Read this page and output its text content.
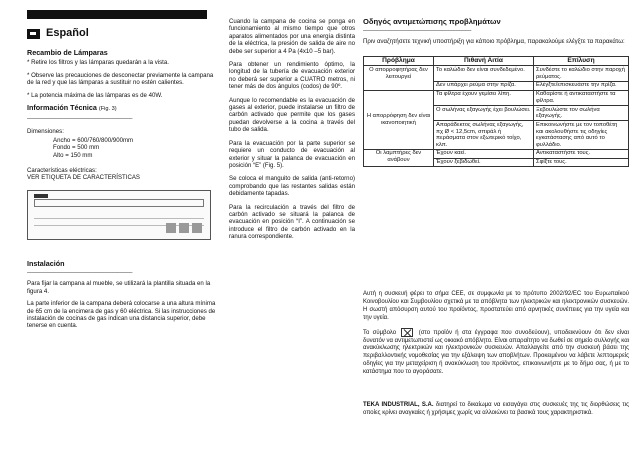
Español
Recambio de Lámparas

* Retire los filtros y las lámparas quedarán a la vista.

* Observe las precauciones de desconectar previamente la campana de la red y que las lámparas a sustituir no estén calientes.

* La potencia máxima de las lámparas es de 40W.

Información Técnica (Fig. 3)
–––––––––––––––––––––––––––––––––––––

Dimensiones:

Ancho = 600/760/800/900mm
Fondo = 500 mm
Alto = 150 mm

Características eléctricas:

VER ETIQUETA DE CARACTERÍSTICAS

Instalación
–––––––––––––––––––––––––––––––––––––

Para fijar la campana al mueble, se utilizará la plantilla situada en la figura 4.

La parte inferior de la campana deberá colocarse a una altura mínima de 65 cm de la encimera de gas y 60 eléctrica. Si las instrucciones de instalación de cocinas de gas indican una distancia superior, debe tenerse en cuenta.

Cuando la campana de cocina se ponga en funcionamiento al mismo tiempo que otros aparatos alimentados por una energía distinta de la eléctrica, la presión de salida de aire no debe ser superior a 4 Pa (4x10 –5 bar).

Para obtener un rendimiento óptimo, la longitud de la tubería de evacuación exterior no deberá ser superior a CUATRO metros, ni tener más de dos ángulos (codos) de 90º.

Aunque lo recomendable es la evacuación de gases al exterior, puede instalarse un filtro de carbón activado que permite que los gases puedan devolverse a la cocina a través del tubo de salida.

Para la evacuación por la parte superior se requiere un conducto de evacuación al exterior y situar la palanca de evacuación en posición “E” (Fig. 5).

Se coloca el manguito de salida (anti-retorno) comprobando que las restantes salidas están debidamente tapadas.

Para la recirculación a través del filtro de carbón activado se situará la palanca de evacuación en posición “I”. A continuación se introduce el filtro de carbón activado en la ranura correspondiente.

Οδηγός αντιμετώπισης προβλημάτων
––––––––––––––––––––––––––––––––––––––

Πριν αναζητήσετε τεχνική υποστήριξη για κάποιο πρόβλημα, παρακαλούμε ελέγξτε τα παρακάτω:

Πρόβλημα	Πιθανή Αιτία	Επίλυση
Ο απορροφητήρας δεν λειτουργεί	Το καλώδιο δεν είναι συνδεδεμένο.	Συνδέστε το καλώδιο στην παροχή ρεύματος.
	Δεν υπάρχει ρεύμα στην πρίζα.	Ελέγξτε/επισκευάστε την πρίζα.
Η απορρόφηση δεν είναι ικανοποιητική	Τα φίλτρα έχουν γεμίσει λίπη.	Καθαρίστε ή αντικαταστήστε τα φίλτρα.
	Ο σωλήνας εξαγωγής έχει βουλώσει.	Ξεβουλώστε τον σωλήνα εξαγωγής.
	Απαράδεκτος σωλήνας εξαγωγής, πχ Ø < 12,5cm, σπιράλ ή περάσματα στον εξωτερικό τοίχο, κλπ.	Επικοινωνήστε με τον τοποθέτη και ακολουθήστε τις οδηγίες εγκατάστασης από αυτό το φυλλάδιο.
Οι λαμπτήρες δεν ανάβουν	Έχουν καεί.	Αντικαταστήστε τους.
	Έχουν ξεβιδωθεί.	Σφίξτε τους.

Αυτή η συσκευή φέρει το σήμα CEE, σε συμφωνία με το πρότυπο 2002/92/EC του Ευρωπαϊκού Κοινοβουλίου και Συμβουλίου σχετικά με τα απόβλητα των ηλεκτρικών και ηλεκτρονικών συσκευών. Η σωστή απόσυρση αυτού του προϊόντος, προστατεύει από αρνητικές συνέπειες για την υγεία και την υγεία.

Το σύμβολο	(στο προϊόν ή στα έγγραφα που συνοδεύουν), υποδεικνύουν ότι δεν είναι δυνατόν να αντιμετωπιστεί ως οικιακό απόβλητο. Είναι απαραίτητο να δωθεί σε σημείο συλλογής και ανακύκλωσης ηλεκτρικών και ηλεκτρονικών συσκευών. Απαλλαγείτε από την συσκευή βάσει της περιβαλλοντικής νομοθεσίας για την εξάλειψη των αποβλήτων. Προκειμένου να λάβετε λεπτομερείς οδηγίες για την μεταχείριση ή ανακύκλωση του προϊόντος, επικοινωνήστε με το δήμο σας, ή με το κατάστημα που το αγοράσατε.

TEKA INDUSTRIAL, S.A. διατηρεί το δικαίωμα να εισαγάγει στις συσκευές της τις διορθώσεις τις οποίες κρίνει αναγκαίες ή χρήσιμες χωρίς να αλλοιώνει τα βασικά τους χαρακτηριστικά.
